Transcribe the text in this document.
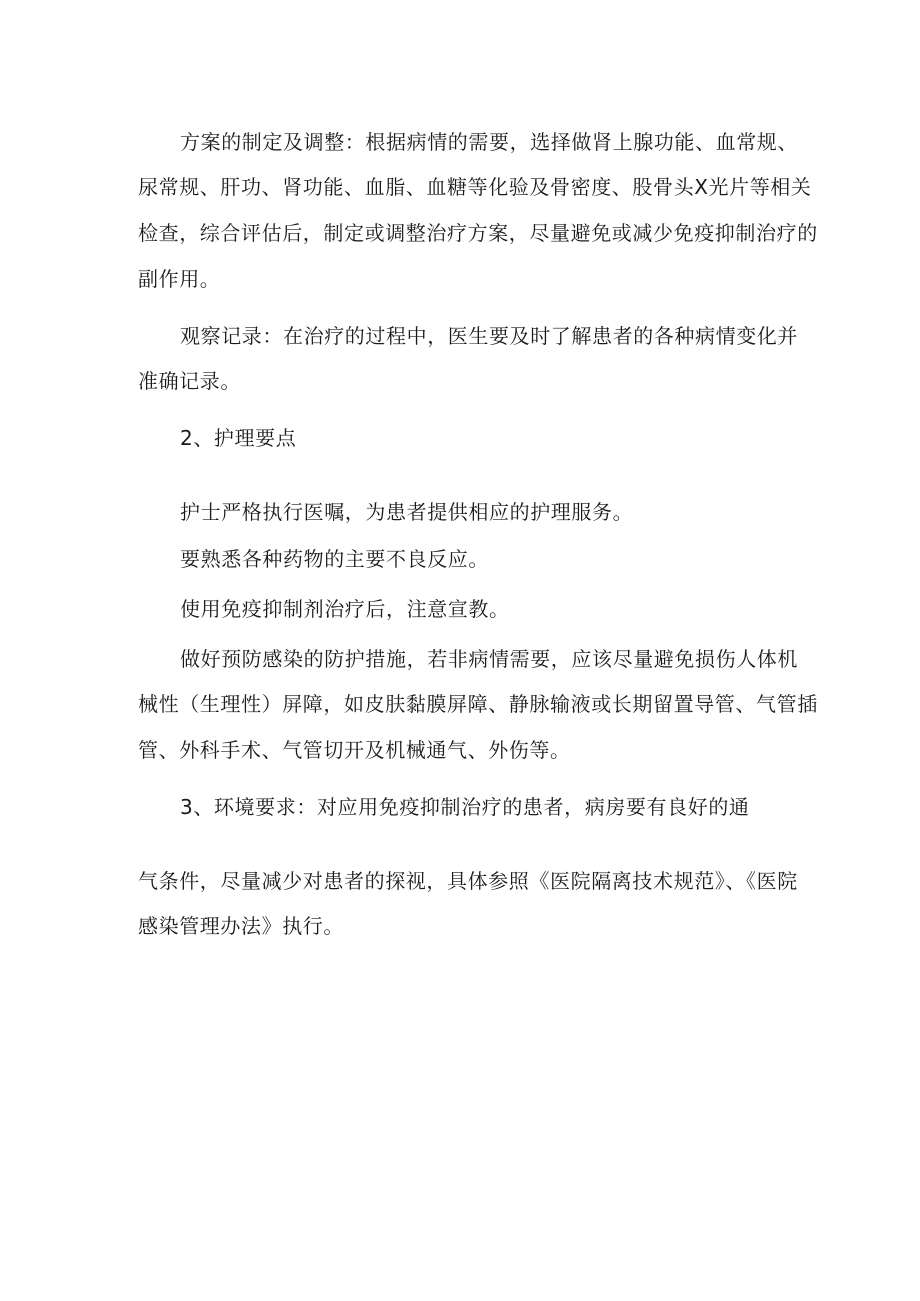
方案的制定及调整：根据病情的需要，选择做肾上腺功能、血常规、
尿常规、肝功、肾功能、血脂、血糖等化验及骨密度、股骨头X光片等相关
检查，综合评估后，制定或调整治疗方案，尽量避免或减少免疫抑制治疗的
副作用。
观察记录：在治疗的过程中，医生要及时了解患者的各种病情变化并
准确记录。
2、护理要点
护士严格执行医嘱，为患者提供相应的护理服务。
要熟悉各种药物的主要不良反应。
使用免疫抑制剂治疗后，注意宣教。
做好预防感染的防护措施，若非病情需要，应该尽量避免损伤人体机
械性（生理性）屏障，如皮肤黏膜屏障、静脉输液或长期留置导管、气管插
管、外科手术、气管切开及机械通气、外伤等。
3、环境要求：对应用免疫抑制治疗的患者，病房要有良好的通
气条件，尽量减少对患者的探视，具体参照《医院隔离技术规范》、《医院
感染管理办法》执行。
